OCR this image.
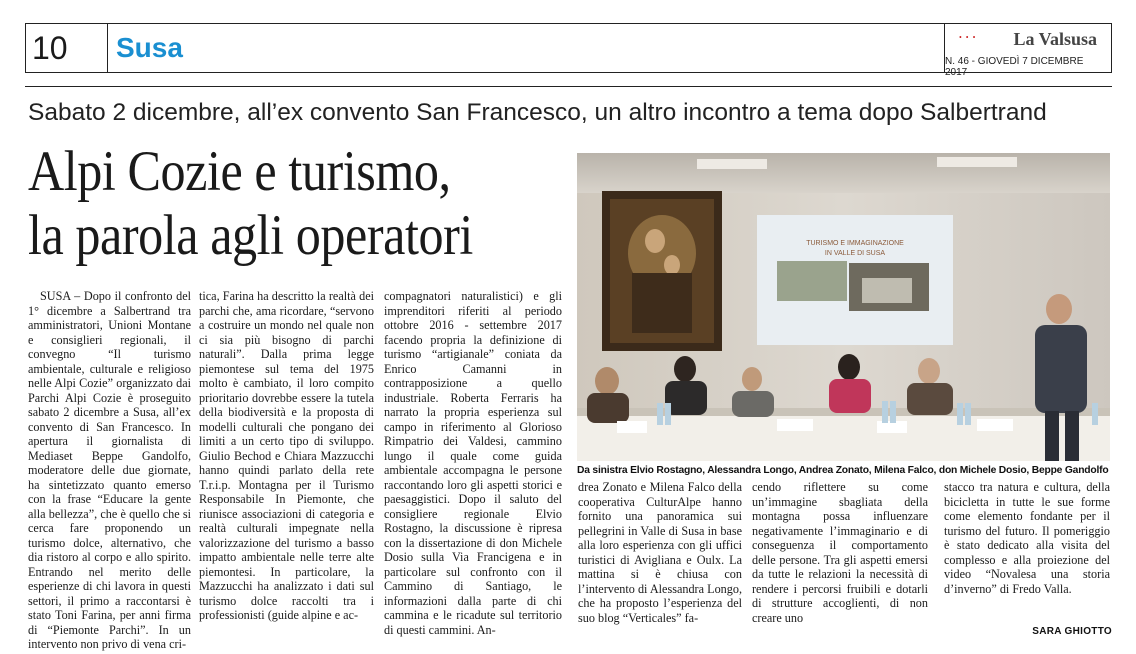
10	Susa	• • • La Valsusa
N. 46 - GIOVEDÌ 7 DICEMBRE 2017
Sabato 2 dicembre, all’ex convento San Francesco, un altro incontro a tema dopo Salbertrand
Alpi Cozie e turismo,
la parola agli operatori

SUSA – Dopo il confronto del 1° dicembre a Salbertrand tra amministratori, Unioni Montane e consiglieri regionali, il convegno “Il turismo ambientale, culturale e religioso nelle Alpi Cozie” organizzato dai Parchi Alpi Cozie è proseguito sabato 2 dicembre a Susa, all’ex convento di San Francesco. In apertura il giornalista di Mediaset Beppe Gandolfo, moderatore delle due giornate, ha sintetizzato quanto emerso con la frase “Educare la gente alla bellezza”, che è quello che si cerca fare proponendo un turismo dolce, alternativo, che dia ristoro al corpo e allo spirito. Entrando nel merito delle esperienze di chi lavora in questi settori, il primo a raccontarsi è stato Toni Farina, per anni firma di “Piemonte Parchi”. In un intervento non privo di vena cri-

tica, Farina ha descritto la realtà dei parchi che, ama ricordare, “servono a costruire un mondo nel quale non ci sia più bisogno di parchi naturali”. Dalla prima legge piemontese sul tema del 1975 molto è cambiato, il loro compito prioritario dovrebbe essere la tutela della biodiversità e la proposta di modelli culturali che pongano dei limiti a un certo tipo di sviluppo. Giulio Bechod e Chiara Mazzucchi hanno quindi parlato della rete T.r.i.p. Montagna per il Turismo Responsabile In Piemonte, che riunisce associazioni di categoria e realtà culturali impegnate nella valorizzazione del turismo a basso impatto ambientale nelle terre alte piemontesi. In particolare, la Mazzucchi ha analizzato i dati sul turismo dolce raccolti tra i professionisti (guide alpine e ac-

compagnatori naturalistici) e gli imprenditori riferiti al periodo ottobre 2016 - settembre 2017 facendo propria la definizione di turismo “artigianale” coniata da Enrico Camanni in contrapposizione a quello industriale. Roberta Ferraris ha narrato la propria esperienza sul campo in riferimento al Glorioso Rimpatrio dei Valdesi, cammino lungo il quale come guida ambientale accompagna le persone raccontando loro gli aspetti storici e paesaggistici. Dopo il saluto del consigliere regionale Elvio Rostagno, la discussione è ripresa con la dissertazione di don Michele Dosio sulla Via Francigena e in particolare sul confronto con il Cammino di Santiago, le informazioni dalla parte di chi cammina e le ricadute sul territorio di questi cammini. An-

drea Zonato e Milena Falco della cooperativa CulturAlpe hanno fornito una panoramica sui pellegrini in Valle di Susa in base alla loro esperienza con gli uffici turistici di Avigliana e Oulx. La mattina si è chiusa con l’intervento di Alessandra Longo, che ha proposto l’esperienza del suo blog “Verticales” fa-

cendo riflettere su come un’immagine sbagliata della montagna possa influenzare negativamente l’immaginario e di conseguenza il comportamento delle persone. Tra gli aspetti emersi da tutte le relazioni la necessità di rendere i percorsi fruibili e dotarli di strutture accoglienti, di non creare uno

stacco tra natura e cultura, della bicicletta in tutte le sue forme come elemento fondante per il turismo del futuro. Il pomeriggio è stato dedicato alla visita del complesso e alla proiezione del video “Novalesa una storia d’inverno” di Fredo Valla.

TURISMO E IMMAGINAZIONE
IN VALLE DI SUSA
Da sinistra Elvio Rostagno, Alessandra Longo, Andrea Zonato, Milena Falco, don Michele Dosio, Beppe Gandolfo
SARA GHIOTTO
